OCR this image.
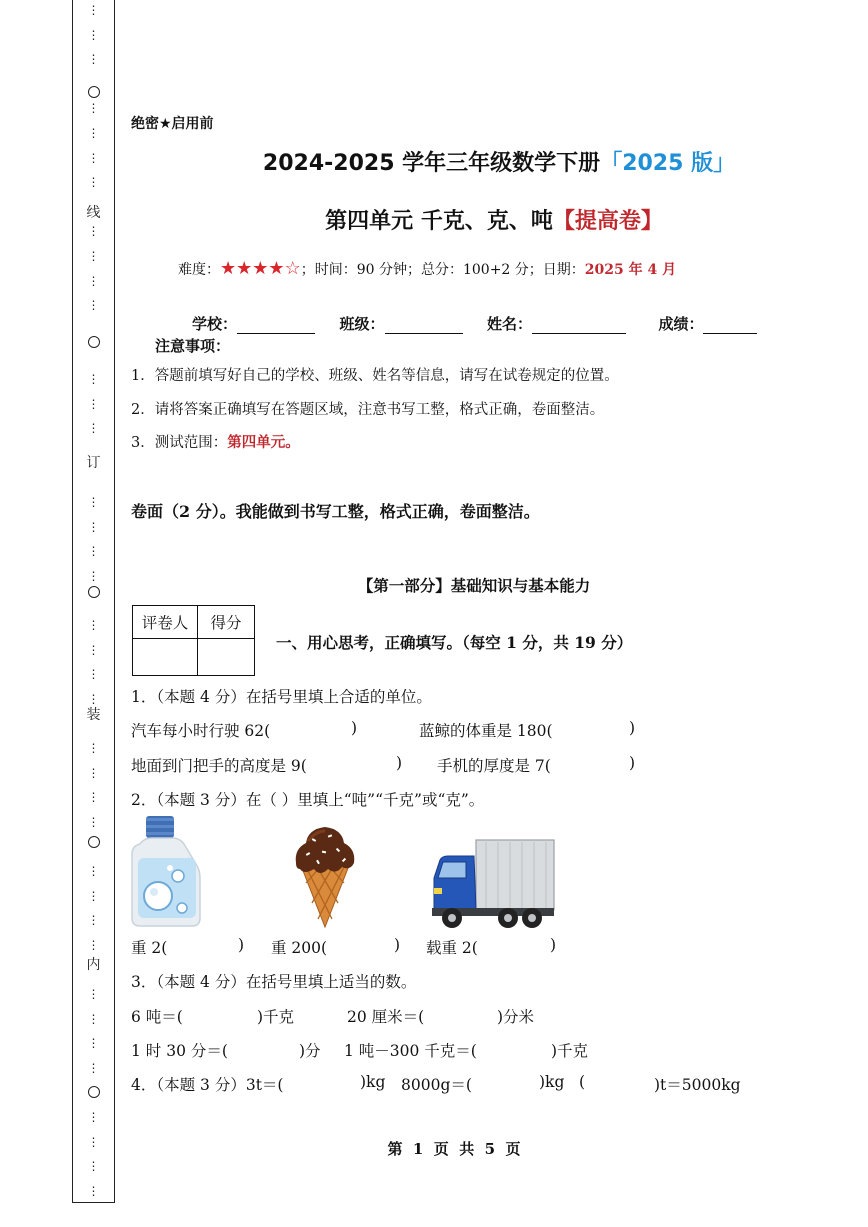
⋮
⋮
⋮
⋮
⋮
⋮
⋮
⋮
⋮
⋮
⋮
⋮
⋮
⋮
⋮
⋮
⋮
⋮
⋮
⋮
⋮
⋮
⋮
⋮
⋮
⋮
⋮
⋮
⋮
⋮
⋮
⋮
⋮
⋮
⋮
⋮
⋮
⋮
线
订
装
内
绝密★启用前
2024-2025 学年三年级数学下册「2025 版」
第四单元 千克、克、吨【提高卷】
难度：★★★★☆；时间：90 分钟；总分：100+2 分；日期：2025 年 4 月
学校：	班级：	姓名：	成绩：
注意事项：
1．答题前填写好自己的学校、班级、姓名等信息，请写在试卷规定的位置。
2．请将答案正确填写在答题区域，注意书写工整，格式正确，卷面整洁。
3．测试范围：第四单元。
卷面（2 分）。我能做到书写工整，格式正确，卷面整洁。
【第一部分】基础知识与基本能力
评卷人	得分

一、用心思考，正确填写。（每空 1 分，共 19 分）
1．（本题 4 分）在括号里填上合适的单位。
汽车每小时行驶 62(	)	蓝鲸的体重是 180(	)
地面到门把手的高度是 9(	) 手机的厚度是 7(	)
2．（本题 3 分）在（ ）里填上“吨”“千克”或“克”。
重 2(	) 重 200(	) 载重 2(	)
3．（本题 4 分）在括号里填上适当的数。
6 吨＝(	)千克	20 厘米＝(	)分米
1 时 30 分＝(	)分 1 吨－300 千克＝(	)千克
4．（本题 3 分）3t＝(	)kg 8000g＝(	)kg (	)t＝5000kg
第  1  页  共  5  页
